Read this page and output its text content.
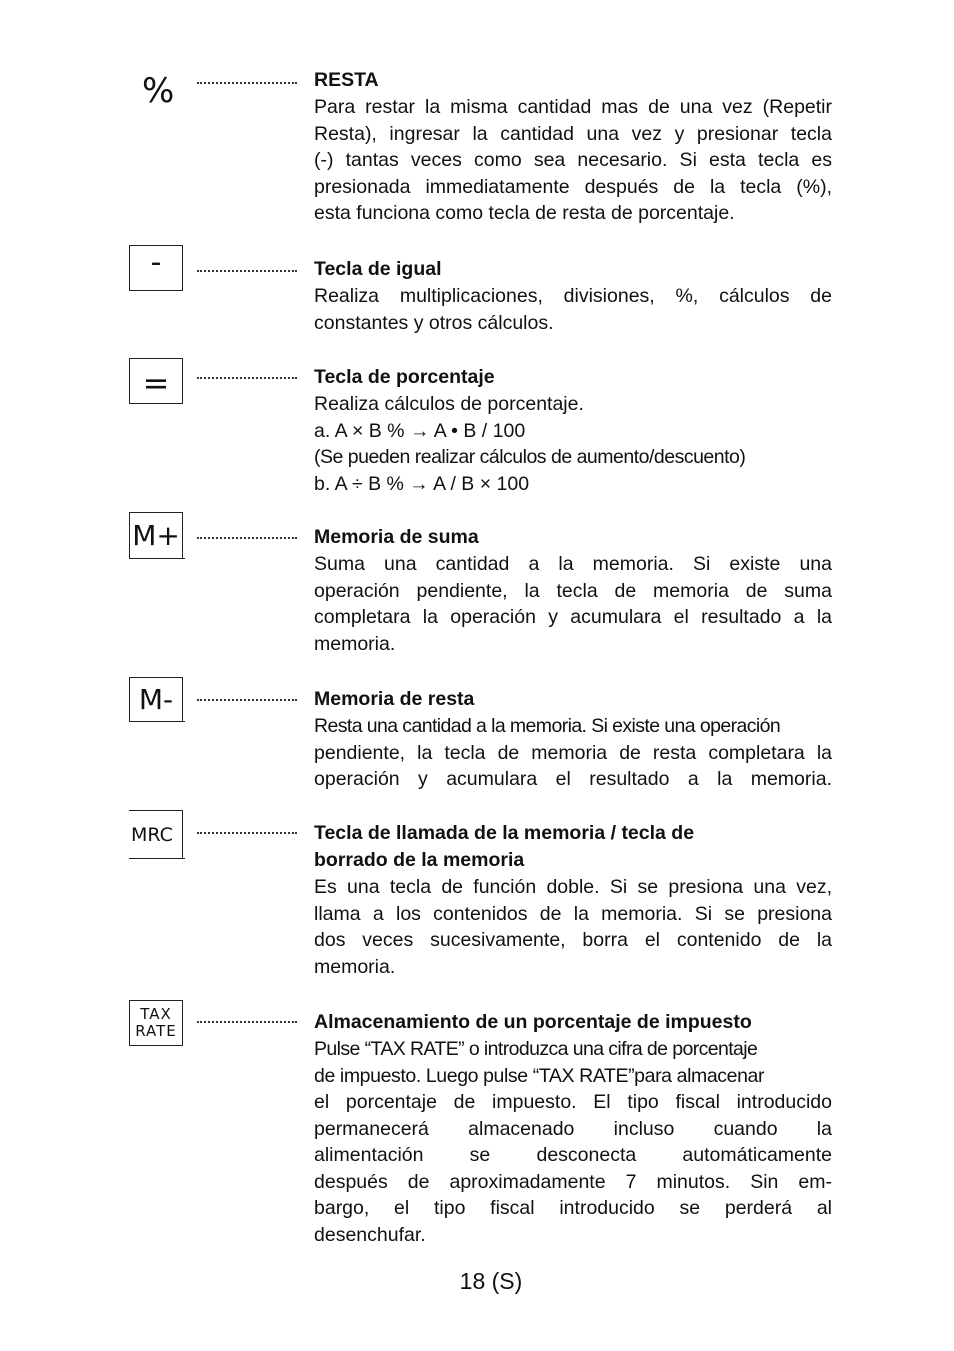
%	RESTA
Para restar la misma cantidad mas de una vez (Repetir
Resta), ingresar la cantidad una vez y presionar tecla
(-) tantas veces como sea necesario. Si esta tecla es
presionada immediatamente después de la tecla (%),
esta funciona como tecla de resta de porcentaje.
-	Tecla de igual
Realiza multiplicaciones, divisiones, %, cálculos de
constantes y otros cálculos.
=	Tecla de porcentaje
Realiza cálculos de porcentaje.
a. A × B % → A • B / 100
(Se pueden realizar cálculos de aumento/descuento)
b. A ÷ B % → A / B × 100
M+	Memoria de suma
Suma una cantidad a la memoria. Si existe una
operación pendiente, la tecla de memoria de suma
completara la operación y acumulara el resultado a la
memoria.
M-	Memoria de resta
Resta una cantidad a la memoria. Si existe una operación
pendiente, la tecla de memoria de resta completara la
operación y acumulara el resultado a la memoria.
MRC	Tecla de llamada de la memoria / tecla de
borrado de la memoria
Es una tecla de función doble. Si se presiona una vez,
llama a los contenidos de la memoria. Si se presiona
dos veces sucesivamente, borra el contenido de la
memoria.
TAX
RATE	Almacenamiento de un porcentaje de impuesto
Pulse “TAX RATE” o introduzca una cifra de porcentaje
de impuesto. Luego pulse “TAX RATE”para almacenar
el porcentaje de impuesto. El tipo fiscal introducido
permanecerá almacenado incluso cuando la
alimentación se desconecta automáticamente
después de aproximadamente 7 minutos. Sin em-
bargo, el tipo fiscal introducido se perderá al
desenchufar.
18 (S)
